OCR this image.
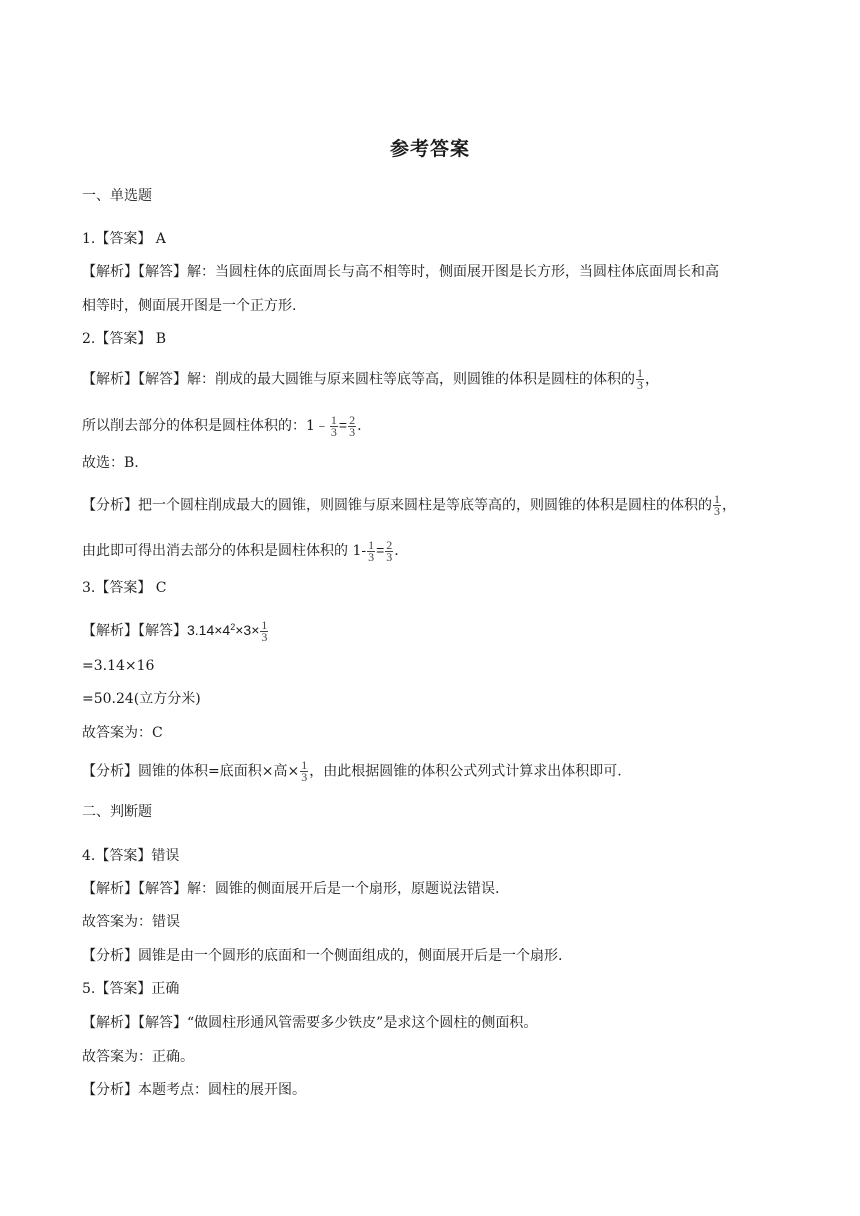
参考答案
一、单选题
1.【答案】 A
【解析】【解答】解：当圆柱体的底面周长与高不相等时，侧面展开图是长方形，当圆柱体底面周长和高
相等时，侧面展开图是一个正方形.
2.【答案】 B
【解析】【解答】解：削成的最大圆锥与原来圆柱等底等高，则圆锥的体积是圆柱的体积的 $\frac{1}{3}$ ，
所以削去部分的体积是圆柱体积的：1﹣ $\frac{1}{3} = \frac{2}{3}$ .
故选：B.
【分析】把一个圆柱削成最大的圆锥，则圆锥与原来圆柱是等底等高的，则圆锥的体积是圆柱的体积的 $\frac{1}{3}$ ，
由此即可得出消去部分的体积是圆柱体积的 $1- \frac{1}{3} = \frac{2}{3}$ .
3.【答案】 C
【解析】【解答】$3.14\times 4^2\times 3\times \frac{1}{3}$
=3.14×16
=50.24(立方分米)
故答案为：C
【分析】圆锥的体积=底面积×高× $\frac{1}{3}$ ，由此根据圆锥的体积公式列式计算求出体积即可.
二、判断题
4.【答案】错误
【解析】【解答】解：圆锥的侧面展开后是一个扇形，原题说法错误.
故答案为：错误
【分析】圆锥是由一个圆形的底面和一个侧面组成的，侧面展开后是一个扇形.
5.【答案】正确
【解析】【解答】“做圆柱形通风管需要多少铁皮”是求这个圆柱的侧面积。
故答案为：正确。
【分析】本题考点：圆柱的展开图。
